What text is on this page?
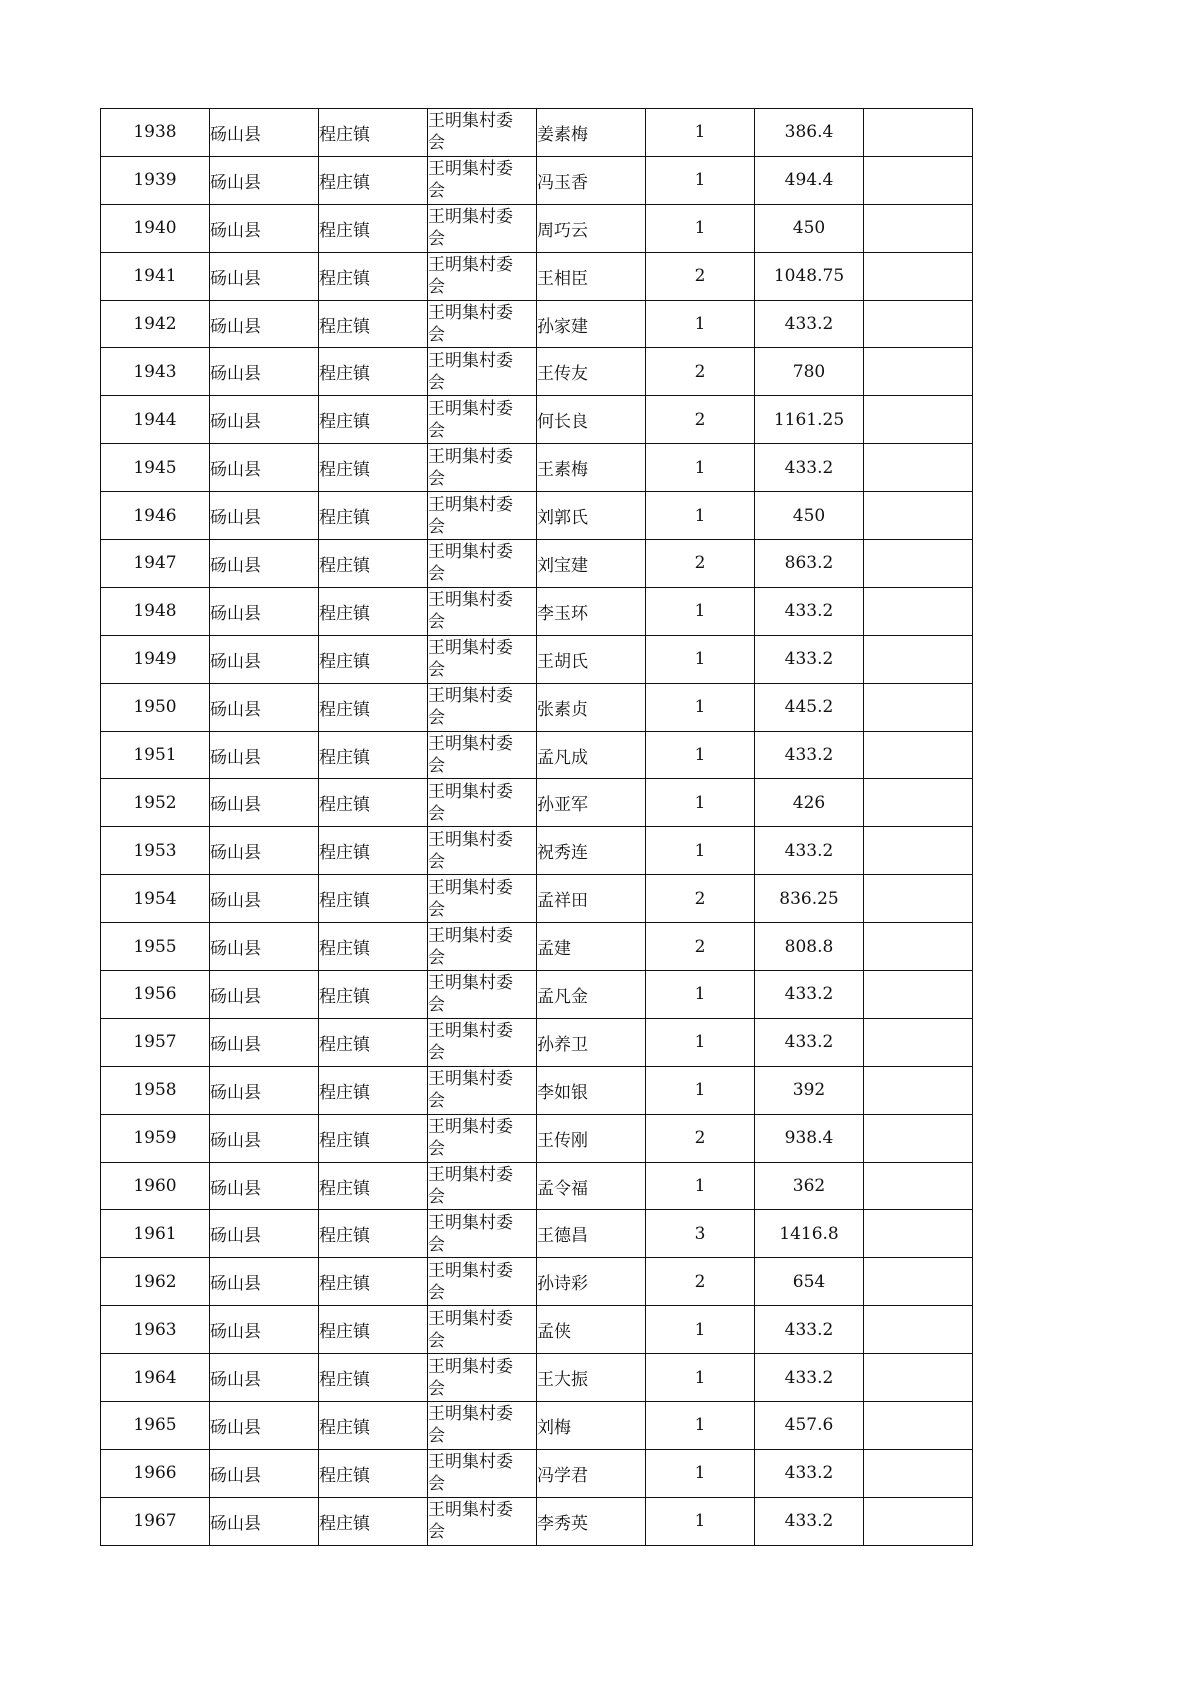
1938	砀山县	程庄镇	王明集村委会	姜素梅	1	386.4	
1939	砀山县	程庄镇	王明集村委会	冯玉香	1	494.4	
1940	砀山县	程庄镇	王明集村委会	周巧云	1	450	
1941	砀山县	程庄镇	王明集村委会	王相臣	2	1048.75	
1942	砀山县	程庄镇	王明集村委会	孙家建	1	433.2	
1943	砀山县	程庄镇	王明集村委会	王传友	2	780	
1944	砀山县	程庄镇	王明集村委会	何长良	2	1161.25	
1945	砀山县	程庄镇	王明集村委会	王素梅	1	433.2	
1946	砀山县	程庄镇	王明集村委会	刘郭氏	1	450	
1947	砀山县	程庄镇	王明集村委会	刘宝建	2	863.2	
1948	砀山县	程庄镇	王明集村委会	李玉环	1	433.2	
1949	砀山县	程庄镇	王明集村委会	王胡氏	1	433.2	
1950	砀山县	程庄镇	王明集村委会	张素贞	1	445.2	
1951	砀山县	程庄镇	王明集村委会	孟凡成	1	433.2	
1952	砀山县	程庄镇	王明集村委会	孙亚军	1	426	
1953	砀山县	程庄镇	王明集村委会	祝秀连	1	433.2	
1954	砀山县	程庄镇	王明集村委会	孟祥田	2	836.25	
1955	砀山县	程庄镇	王明集村委会	孟建	2	808.8	
1956	砀山县	程庄镇	王明集村委会	孟凡金	1	433.2	
1957	砀山县	程庄镇	王明集村委会	孙养卫	1	433.2	
1958	砀山县	程庄镇	王明集村委会	李如银	1	392	
1959	砀山县	程庄镇	王明集村委会	王传刚	2	938.4	
1960	砀山县	程庄镇	王明集村委会	孟令福	1	362	
1961	砀山县	程庄镇	王明集村委会	王德昌	3	1416.8	
1962	砀山县	程庄镇	王明集村委会	孙诗彩	2	654	
1963	砀山县	程庄镇	王明集村委会	孟侠	1	433.2	
1964	砀山县	程庄镇	王明集村委会	王大振	1	433.2	
1965	砀山县	程庄镇	王明集村委会	刘梅	1	457.6	
1966	砀山县	程庄镇	王明集村委会	冯学君	1	433.2	
1967	砀山县	程庄镇	王明集村委会	李秀英	1	433.2	
